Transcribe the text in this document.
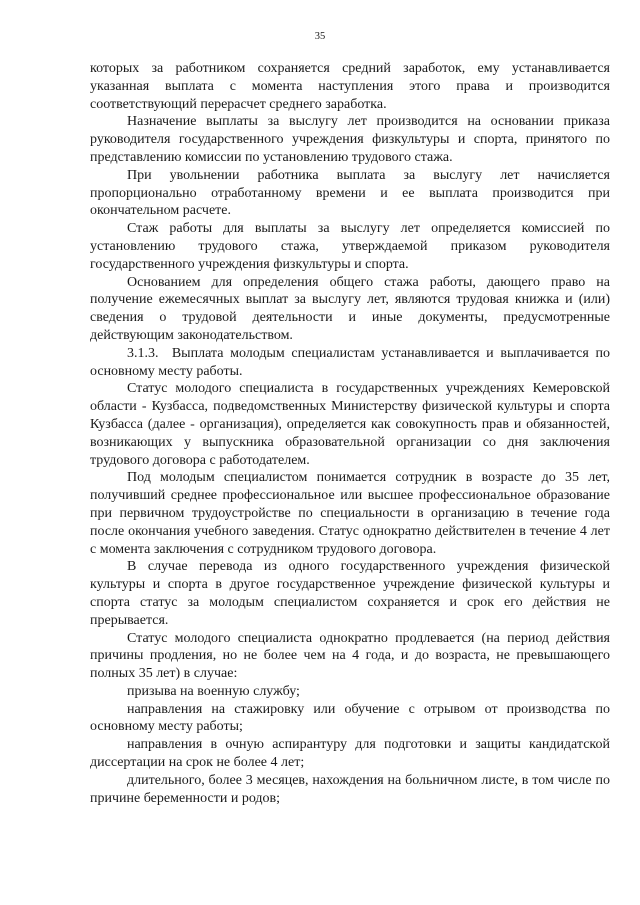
35

которых за работником сохраняется средний заработок, ему устанавливается указанная выплата с момента наступления этого права и производится соответствующий перерасчет среднего заработка.

Назначение выплаты за выслугу лет производится на основании приказа руководителя государственного учреждения физкультуры и спорта, принятого по представлению комиссии по установлению трудового стажа.

При увольнении работника выплата за выслугу лет начисляется пропорционально отработанному времени и ее выплата производится при окончательном расчете.

Стаж работы для выплаты за выслугу лет определяется комиссией по установлению трудового стажа, утверждаемой приказом руководителя государственного учреждения физкультуры и спорта.

Основанием для определения общего стажа работы, дающего право на получение ежемесячных выплат за выслугу лет, являются трудовая книжка и (или) сведения о трудовой деятельности и иные документы, предусмотренные действующим законодательством.

3.1.3.  Выплата молодым специалистам устанавливается и выплачивается по основному месту работы.

Статус молодого специалиста в государственных учреждениях Кемеровской области - Кузбасса, подведомственных Министерству физической культуры и спорта Кузбасса (далее - организация), определяется как совокупность прав и обязанностей, возникающих у выпускника образовательной организации со дня заключения трудового договора с работодателем.

Под молодым специалистом понимается сотрудник в возрасте до 35 лет, получивший среднее профессиональное или высшее профессиональное образование при первичном трудоустройстве по специальности в организацию в течение года после окончания учебного заведения. Статус однократно действителен в течение 4 лет с момента заключения с сотрудником трудового договора.

В случае перевода из одного государственного учреждения физической культуры и спорта в другое государственное учреждение физической культуры и спорта статус за молодым специалистом сохраняется и срок его действия не прерывается.

Статус молодого специалиста однократно продлевается (на период действия причины продления, но не более чем на 4 года, и до возраста, не превышающего полных 35 лет) в случае:

призыва на военную службу;

направления на стажировку или обучение с отрывом от производства по основному месту работы;

направления в очную аспирантуру для подготовки и защиты кандидатской диссертации на срок не более 4 лет;

длительного, более 3 месяцев, нахождения на больничном листе, в том числе по причине беременности и родов;
